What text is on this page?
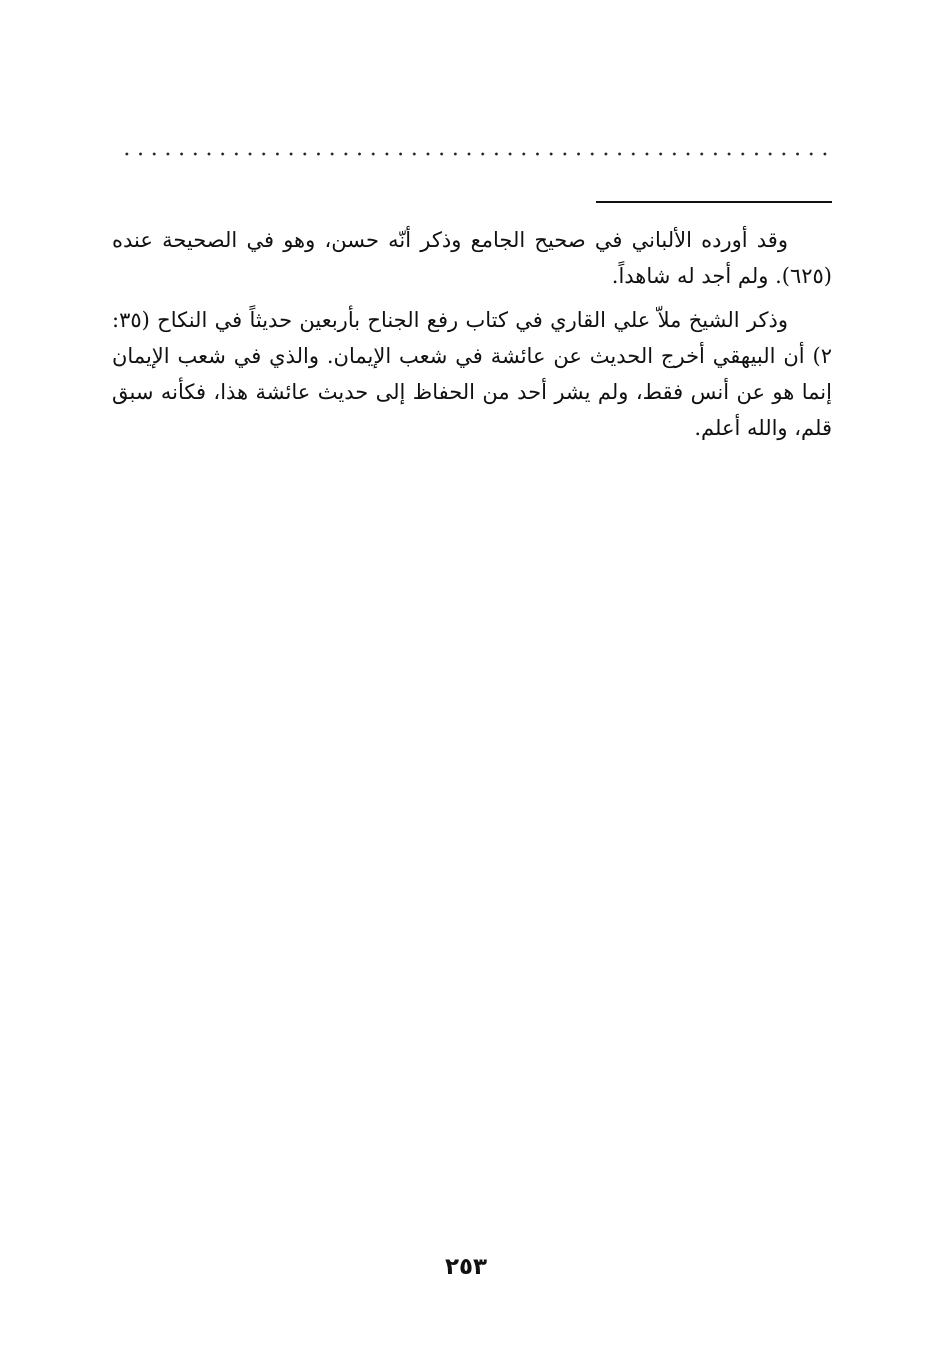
وقد أورده الألباني في صحيح الجامع وذكر أنّه حسن، وهو في الصحيحة عنده (٦٢٥). ولم أجد له شاهداً.

وذكر الشيخ ملاّ علي القاري في كتاب رفع الجناح بأربعين حديثاً في النكاح (٣٥: ٢) أن البيهقي أخرج الحديث عن عائشة في شعب الإيمان. والذي في شعب الإيمان إنما هو عن أنس فقط، ولم يشر أحد من الحفاظ إلى حديث عائشة هذا، فكأنه سبق قلم، والله أعلم.

٢٥٣
